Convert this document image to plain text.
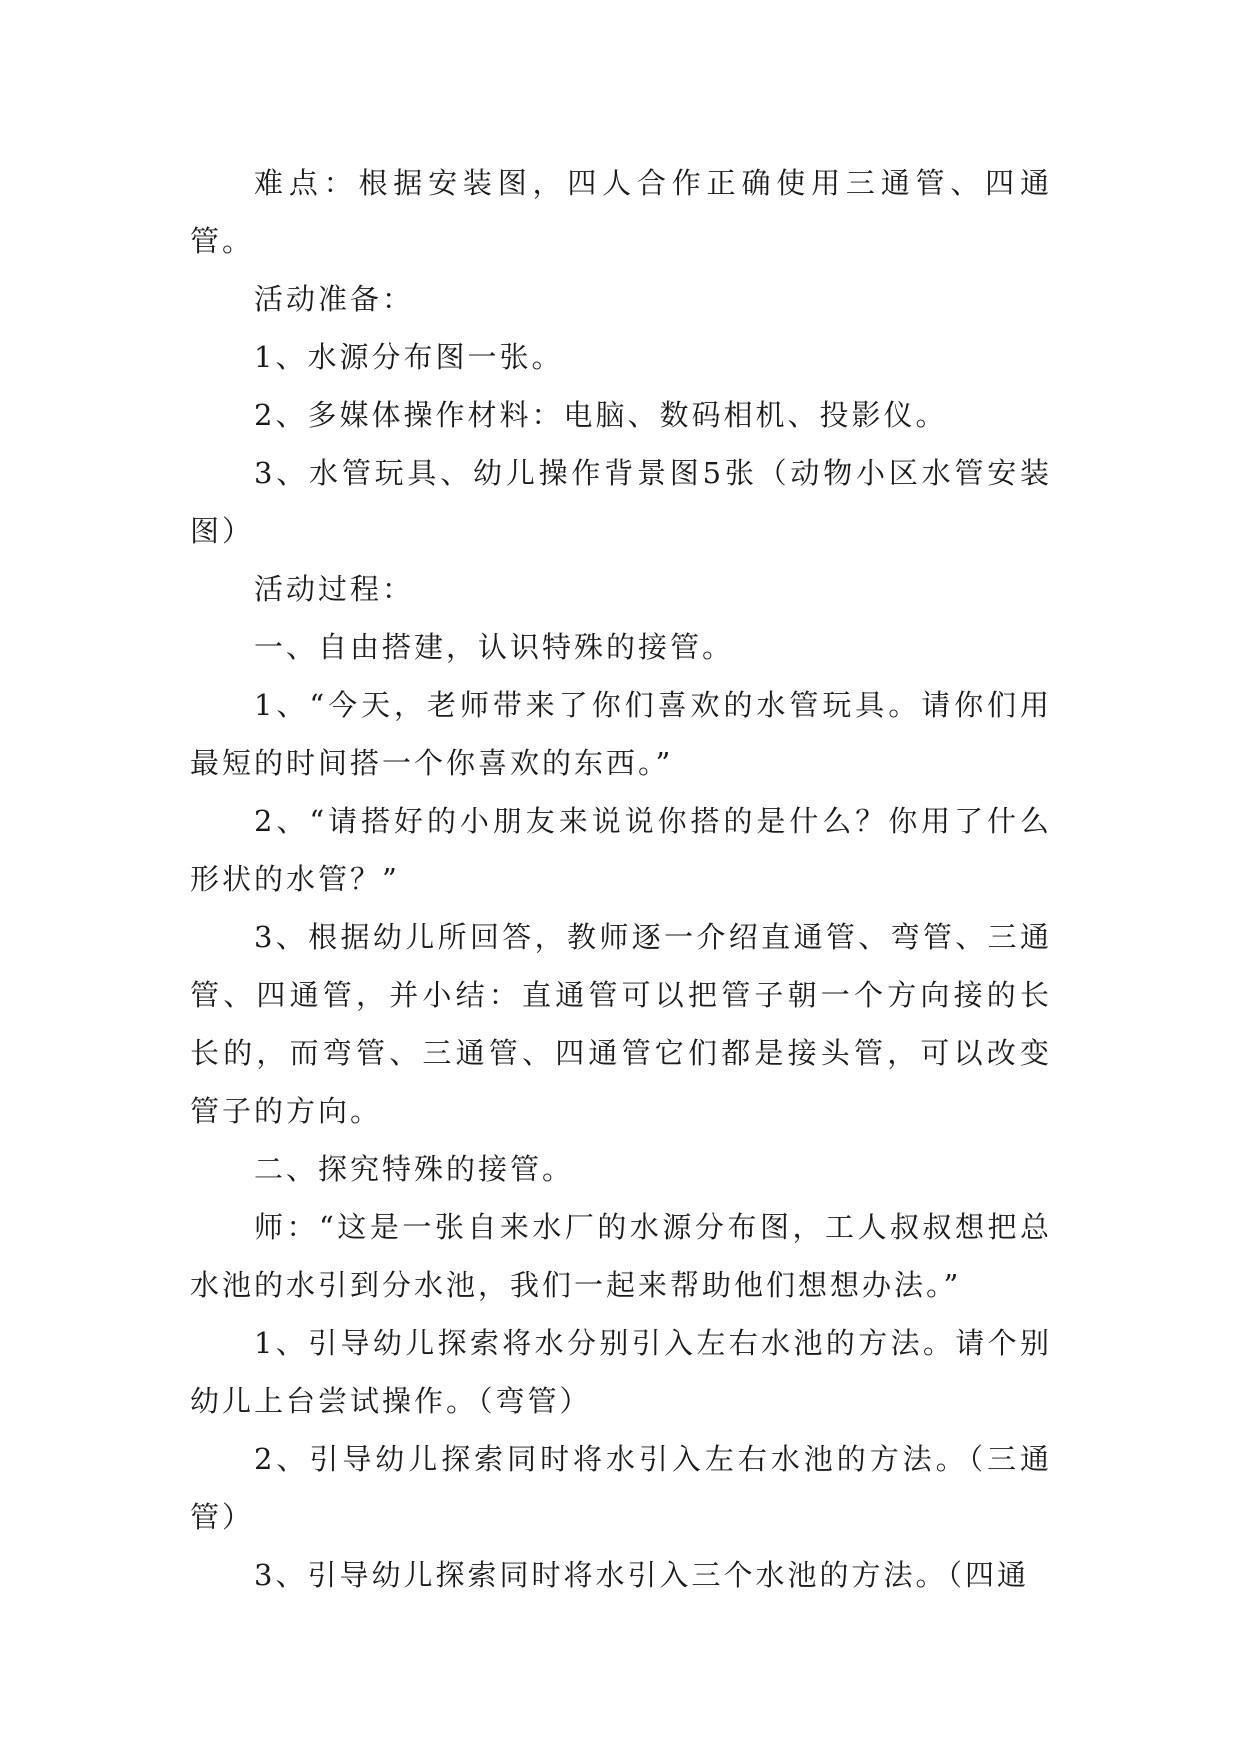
难点：根据安装图，四人合作正确使用三通管、四通管。

活动准备：

1、水源分布图一张。

2、多媒体操作材料：电脑、数码相机、投影仪。

3、水管玩具、幼儿操作背景图5张（动物小区水管安装图）

活动过程：

一、自由搭建，认识特殊的接管。

1、“今天，老师带来了你们喜欢的水管玩具。请你们用最短的时间搭一个你喜欢的东西。”

2、“请搭好的小朋友来说说你搭的是什么？你用了什么形状的水管？”

3、根据幼儿所回答，教师逐一介绍直通管、弯管、三通管、四通管，并小结：直通管可以把管子朝一个方向接的长长的，而弯管、三通管、四通管它们都是接头管，可以改变管子的方向。

二、探究特殊的接管。

师：“这是一张自来水厂的水源分布图，工人叔叔想把总水池的水引到分水池，我们一起来帮助他们想想办法。”

1、引导幼儿探索将水分别引入左右水池的方法。请个别幼儿上台尝试操作。（弯管）

2、引导幼儿探索同时将水引入左右水池的方法。（三通管）

3、引导幼儿探索同时将水引入三个水池的方法。（四通
